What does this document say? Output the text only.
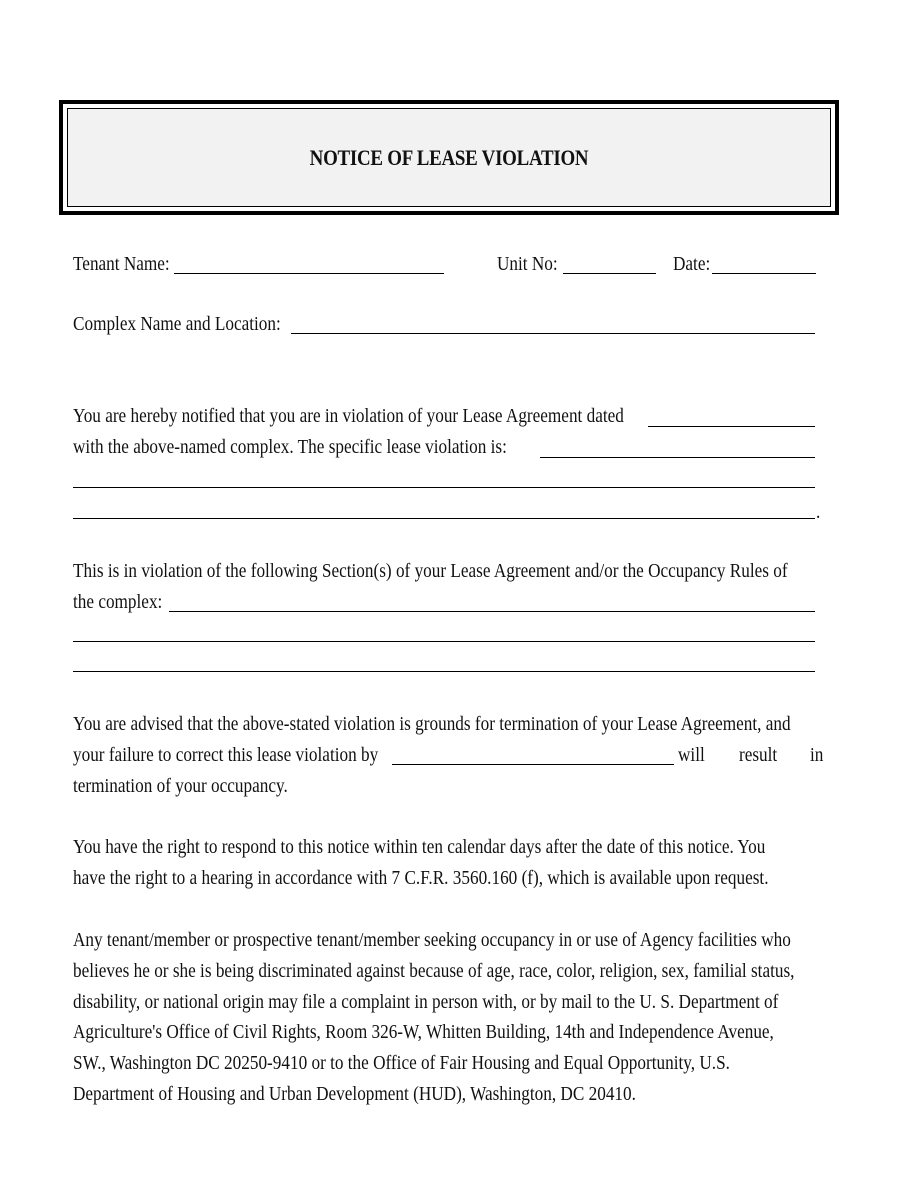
NOTICE OF LEASE VIOLATION
Tenant Name:	Unit No:	Date:
Complex Name and Location:
You are hereby notified that you are in violation of your Lease Agreement dated
with the above-named complex. The specific lease violation is:
.
This is in violation of the following Section(s) of your Lease Agreement and/or the Occupancy Rules of
the complex:
You are advised that the above-stated violation is grounds for termination of your Lease Agreement, and
your failure to correct this lease violation by	will result in
termination of your occupancy.
You have the right to respond to this notice within ten calendar days after the date of this notice. You
have the right to a hearing in accordance with 7 C.F.R. 3560.160 (f), which is available upon request.
Any tenant/member or prospective tenant/member seeking occupancy in or use of Agency facilities who
believes he or she is being discriminated against because of age, race, color, religion, sex, familial status,
disability, or national origin may file a complaint in person with, or by mail to the U. S. Department of
Agriculture's Office of Civil Rights, Room 326-W, Whitten Building, 14th and Independence Avenue,
SW., Washington DC 20250-9410 or to the Office of Fair Housing and Equal Opportunity, U.S.
Department of Housing and Urban Development (HUD), Washington, DC 20410.
